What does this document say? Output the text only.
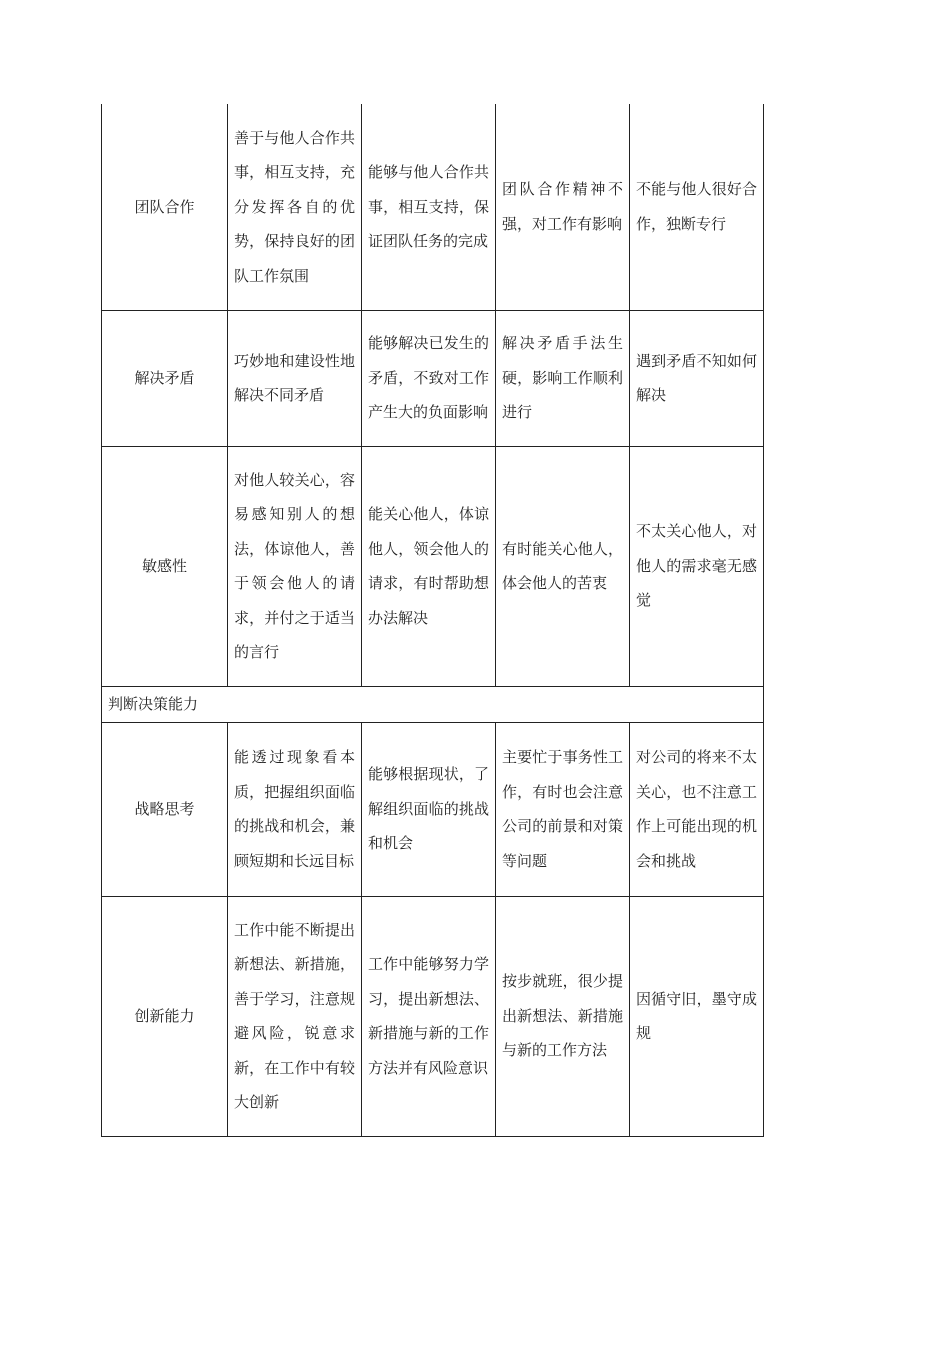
团队合作	善于与他人合作共事，相互支持，充分发挥各自的优势，保持良好的团队工作氛围	能够与他人合作共事，相互支持，保证团队任务的完成	团队合作精神不强，对工作有影响	不能与他人很好合作，独断专行
解决矛盾	巧妙地和建设性地解决不同矛盾	能够解决已发生的矛盾，不致对工作产生大的负面影响	解决矛盾手法生硬，影响工作顺利进行	遇到矛盾不知如何解决
敏感性	对他人较关心，容易感知别人的想法，体谅他人，善于领会他人的请求，并付之于适当的言行	能关心他人，体谅他人，领会他人的请求，有时帮助想办法解决	有时能关心他人，体会他人的苦衷	不太关心他人，对他人的需求毫无感觉
判断决策能力				
战略思考	能透过现象看本质，把握组织面临的挑战和机会，兼顾短期和长远目标	能够根据现状，了解组织面临的挑战和机会	主要忙于事务性工作，有时也会注意公司的前景和对策等问题	对公司的将来不太关心，也不注意工作上可能出现的机会和挑战
创新能力	工作中能不断提出新想法、新措施，善于学习，注意规避风险，锐意求新，在工作中有较大创新	工作中能够努力学习，提出新想法、新措施与新的工作方法并有风险意识	按步就班，很少提出新想法、新措施与新的工作方法	因循守旧，墨守成规
